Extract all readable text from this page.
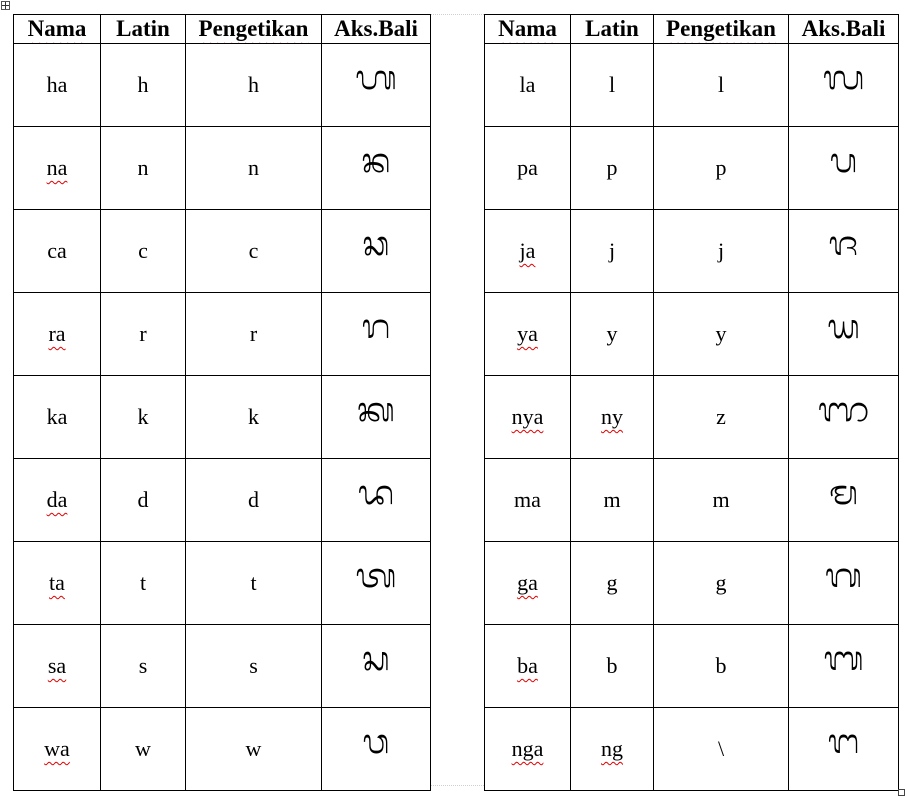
Nama	Latin	Pengetikan	Aks.Bali
ha	h	h	ᬳ
na	n	n	ᬦ
ca	c	c	ᬘ
ra	r	r	ᬭ
ka	k	k	ᬓ
da	d	d	ᬤ
ta	t	t	ᬢ
sa	s	s	ᬲ
wa	w	w	ᬯ
Nama	Latin	Pengetikan	Aks.Bali
la	l	l	ᬮ
pa	p	p	ᬧ
ja	j	j	ᬚ
ya	y	y	ᬬ
nya	ny	z	ᬜ
ma	m	m	ᬫ
ga	g	g	ᬕ
ba	b	b	ᬩ
nga	ng	\	ᬗ
